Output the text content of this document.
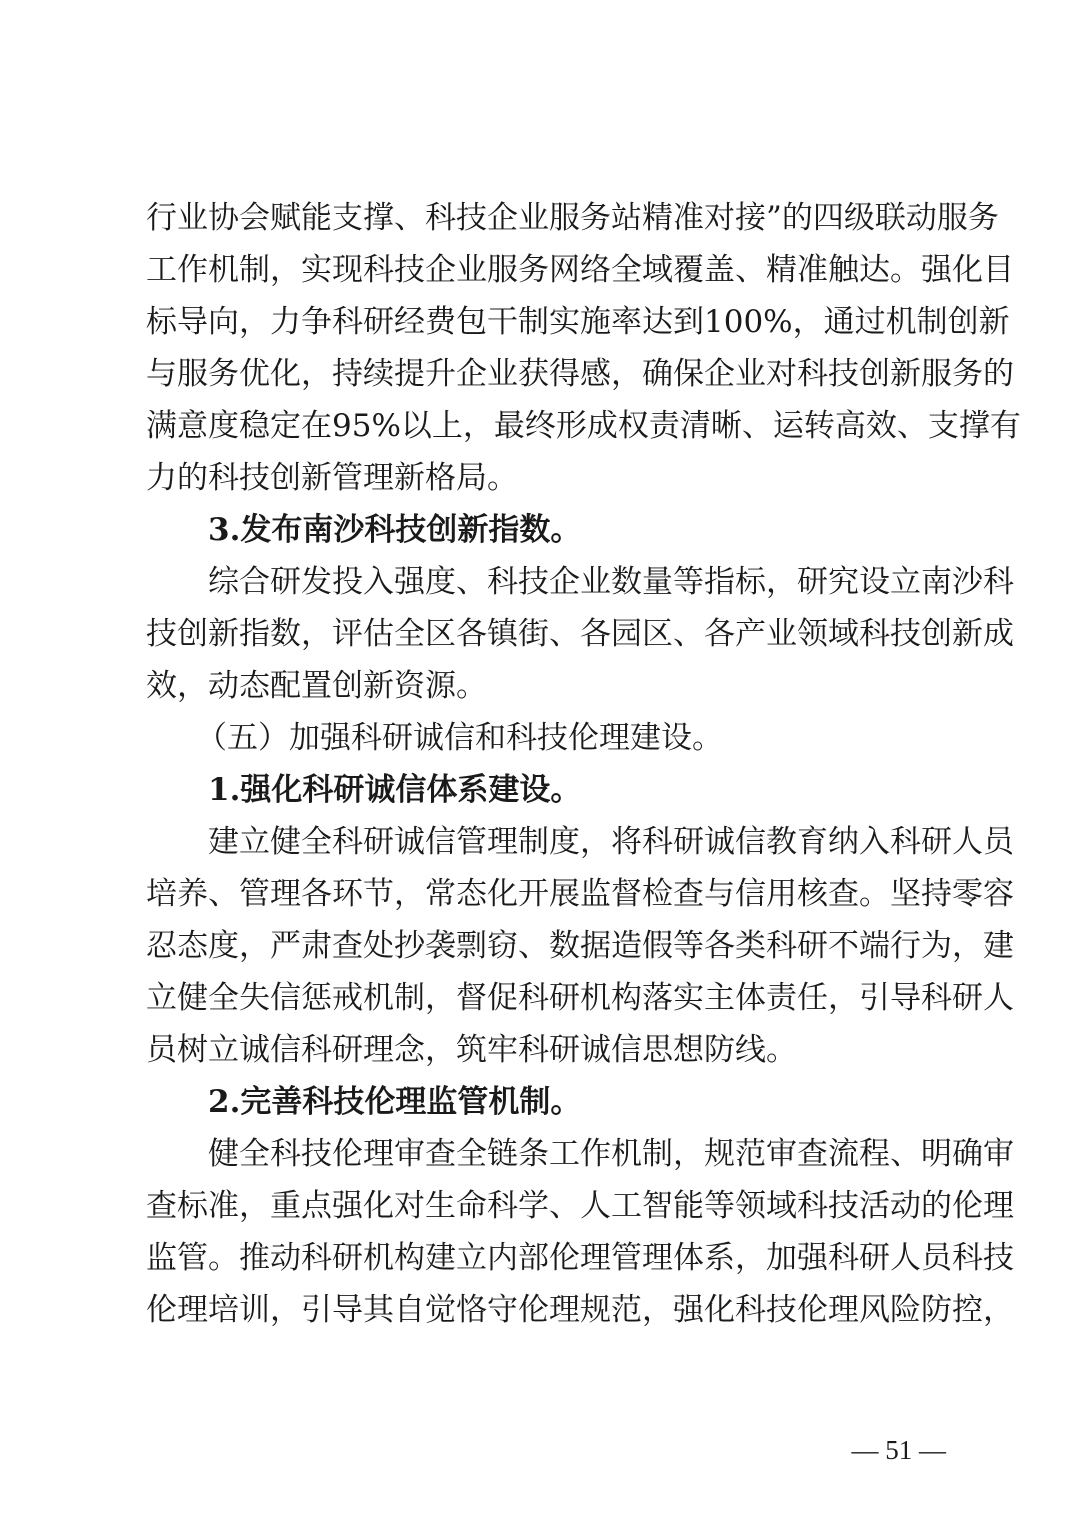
行业协会赋能支撑、科技企业服务站精准对接”的四级联动服务
工作机制，实现科技企业服务网络全域覆盖、精准触达。强化目
标导向，力争科研经费包干制实施率达到100%，通过机制创新
与服务优化，持续提升企业获得感，确保企业对科技创新服务的
满意度稳定在95%以上，最终形成权责清晰、运转高效、支撑有
力的科技创新管理新格局。
3.发布南沙科技创新指数。
综合研发投入强度、科技企业数量等指标，研究设立南沙科
技创新指数，评估全区各镇街、各园区、各产业领域科技创新成
效，动态配置创新资源。
（五）加强科研诚信和科技伦理建设。
1.强化科研诚信体系建设。
建立健全科研诚信管理制度，将科研诚信教育纳入科研人员
培养、管理各环节，常态化开展监督检查与信用核查。坚持零容
忍态度，严肃查处抄袭剽窃、数据造假等各类科研不端行为，建
立健全失信惩戒机制，督促科研机构落实主体责任，引导科研人
员树立诚信科研理念，筑牢科研诚信思想防线。
2.完善科技伦理监管机制。
健全科技伦理审查全链条工作机制，规范审查流程、明确审
查标准，重点强化对生命科学、人工智能等领域科技活动的伦理
监管。推动科研机构建立内部伦理管理体系，加强科研人员科技
伦理培训，引导其自觉恪守伦理规范，强化科技伦理风险防控，
— 51 —
